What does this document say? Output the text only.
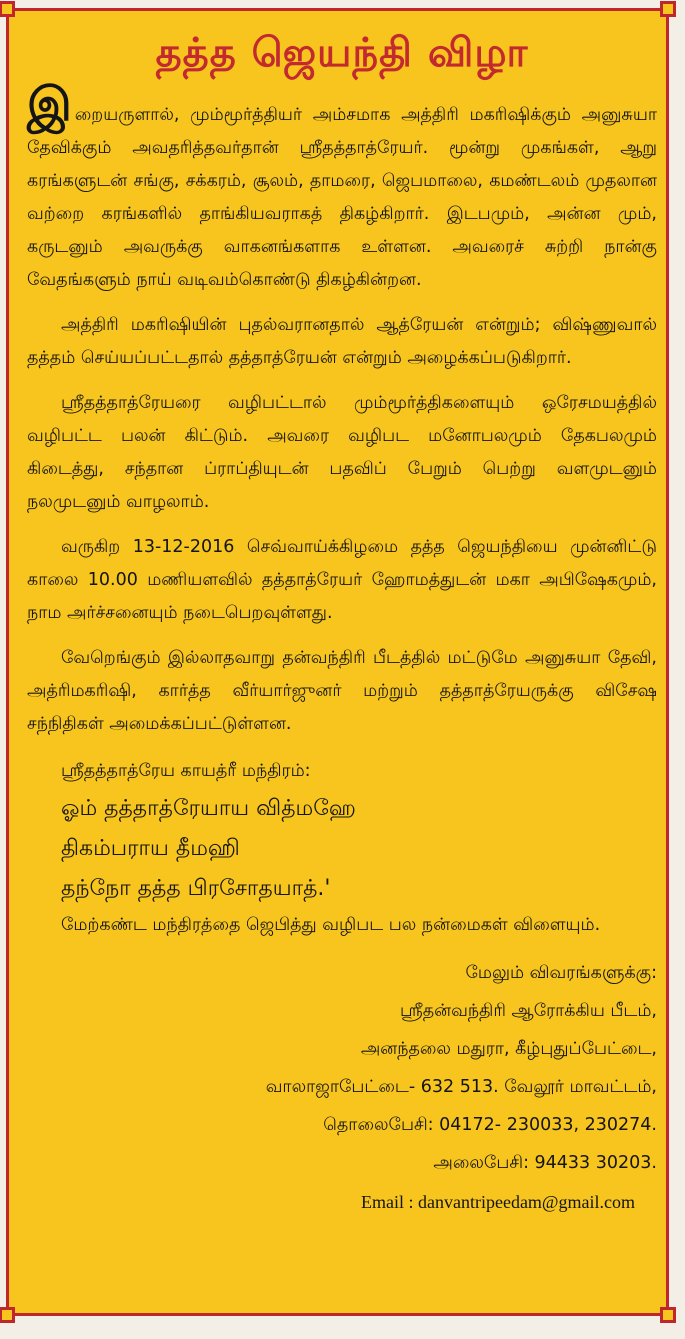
தத்த ஜெயந்தி விழா

இறையருளால், மும்மூர்த்தியர் அம்சமாக அத்திரி மகரிஷிக்கும் அனுசுயா தேவிக்கும் அவதரித்தவர்தான் ஸ்ரீதத்தாத்ரேயர். மூன்று முகங்கள், ஆறு கரங்களுடன் சங்கு, சக்கரம், சூலம், தாமரை, ஜெபமாலை, கமண்டலம் முதலான வற்றை கரங்களில் தாங்கியவராகத் திகழ்கிறார். இடபமும், அன்ன மும், கருடனும் அவருக்கு வாகனங்களாக உள்ளன. அவரைச் சுற்றி நான்கு வேதங்களும் நாய் வடிவம்கொண்டு திகழ்கின்றன.

அத்திரி மகரிஷியின் புதல்வரானதால் ஆத்ரேயன் என்றும்; விஷ்ணுவால் தத்தம் செய்யப்பட்டதால் தத்தாத்ரேயன் என்றும் அழைக்கப்படுகிறார்.

ஸ்ரீதத்தாத்ரேயரை வழிபட்டால் மும்மூர்த்திகளையும் ஒரேசமயத்தில் வழிபட்ட பலன் கிட்டும். அவரை வழிபட மனோபலமும் தேகபலமும் கிடைத்து, சந்தான ப்ராப்தியுடன் பதவிப் பேறும் பெற்று வளமுடனும் நலமுடனும் வாழலாம்.

வருகிற 13-12-2016 செவ்வாய்க்கிழமை தத்த ஜெயந்தியை முன்னிட்டு காலை 10.00 மணியளவில் தத்தாத்ரேயர் ஹோமத்துடன் மகா அபிஷேகமும், நாம அர்ச்சனையும் நடைபெறவுள்ளது.

வேறெங்கும் இல்லாதவாறு தன்வந்திரி பீடத்தில் மட்டுமே அனுசுயா தேவி, அத்ரிமகரிஷி, கார்த்த வீர்யார்ஜுனர் மற்றும் தத்தாத்ரேயருக்கு விசேஷ சந்நிதிகள் அமைக்கப்பட்டுள்ளன.

ஸ்ரீதத்தாத்ரேய காயத்ரீ மந்திரம்:

ஓம் தத்தாத்ரேயாய வித்மஹே

திகம்பராய தீமஹி

தந்நோ தத்த பிரசோதயாத்.'

மேற்கண்ட மந்திரத்தை ஜெபித்து வழிபட பல நன்மைகள் விளையும்.

மேலும் விவரங்களுக்கு:

ஸ்ரீதன்வந்திரி ஆரோக்கிய பீடம்,

அனந்தலை மதுரா, கீழ்புதுப்பேட்டை,

வாலாஜாபேட்டை- 632 513. வேலூர் மாவட்டம்,

தொலைபேசி: 04172- 230033, 230274.

அலைபேசி: 94433 30203.

Email : danvantripeedam@gmail.com
